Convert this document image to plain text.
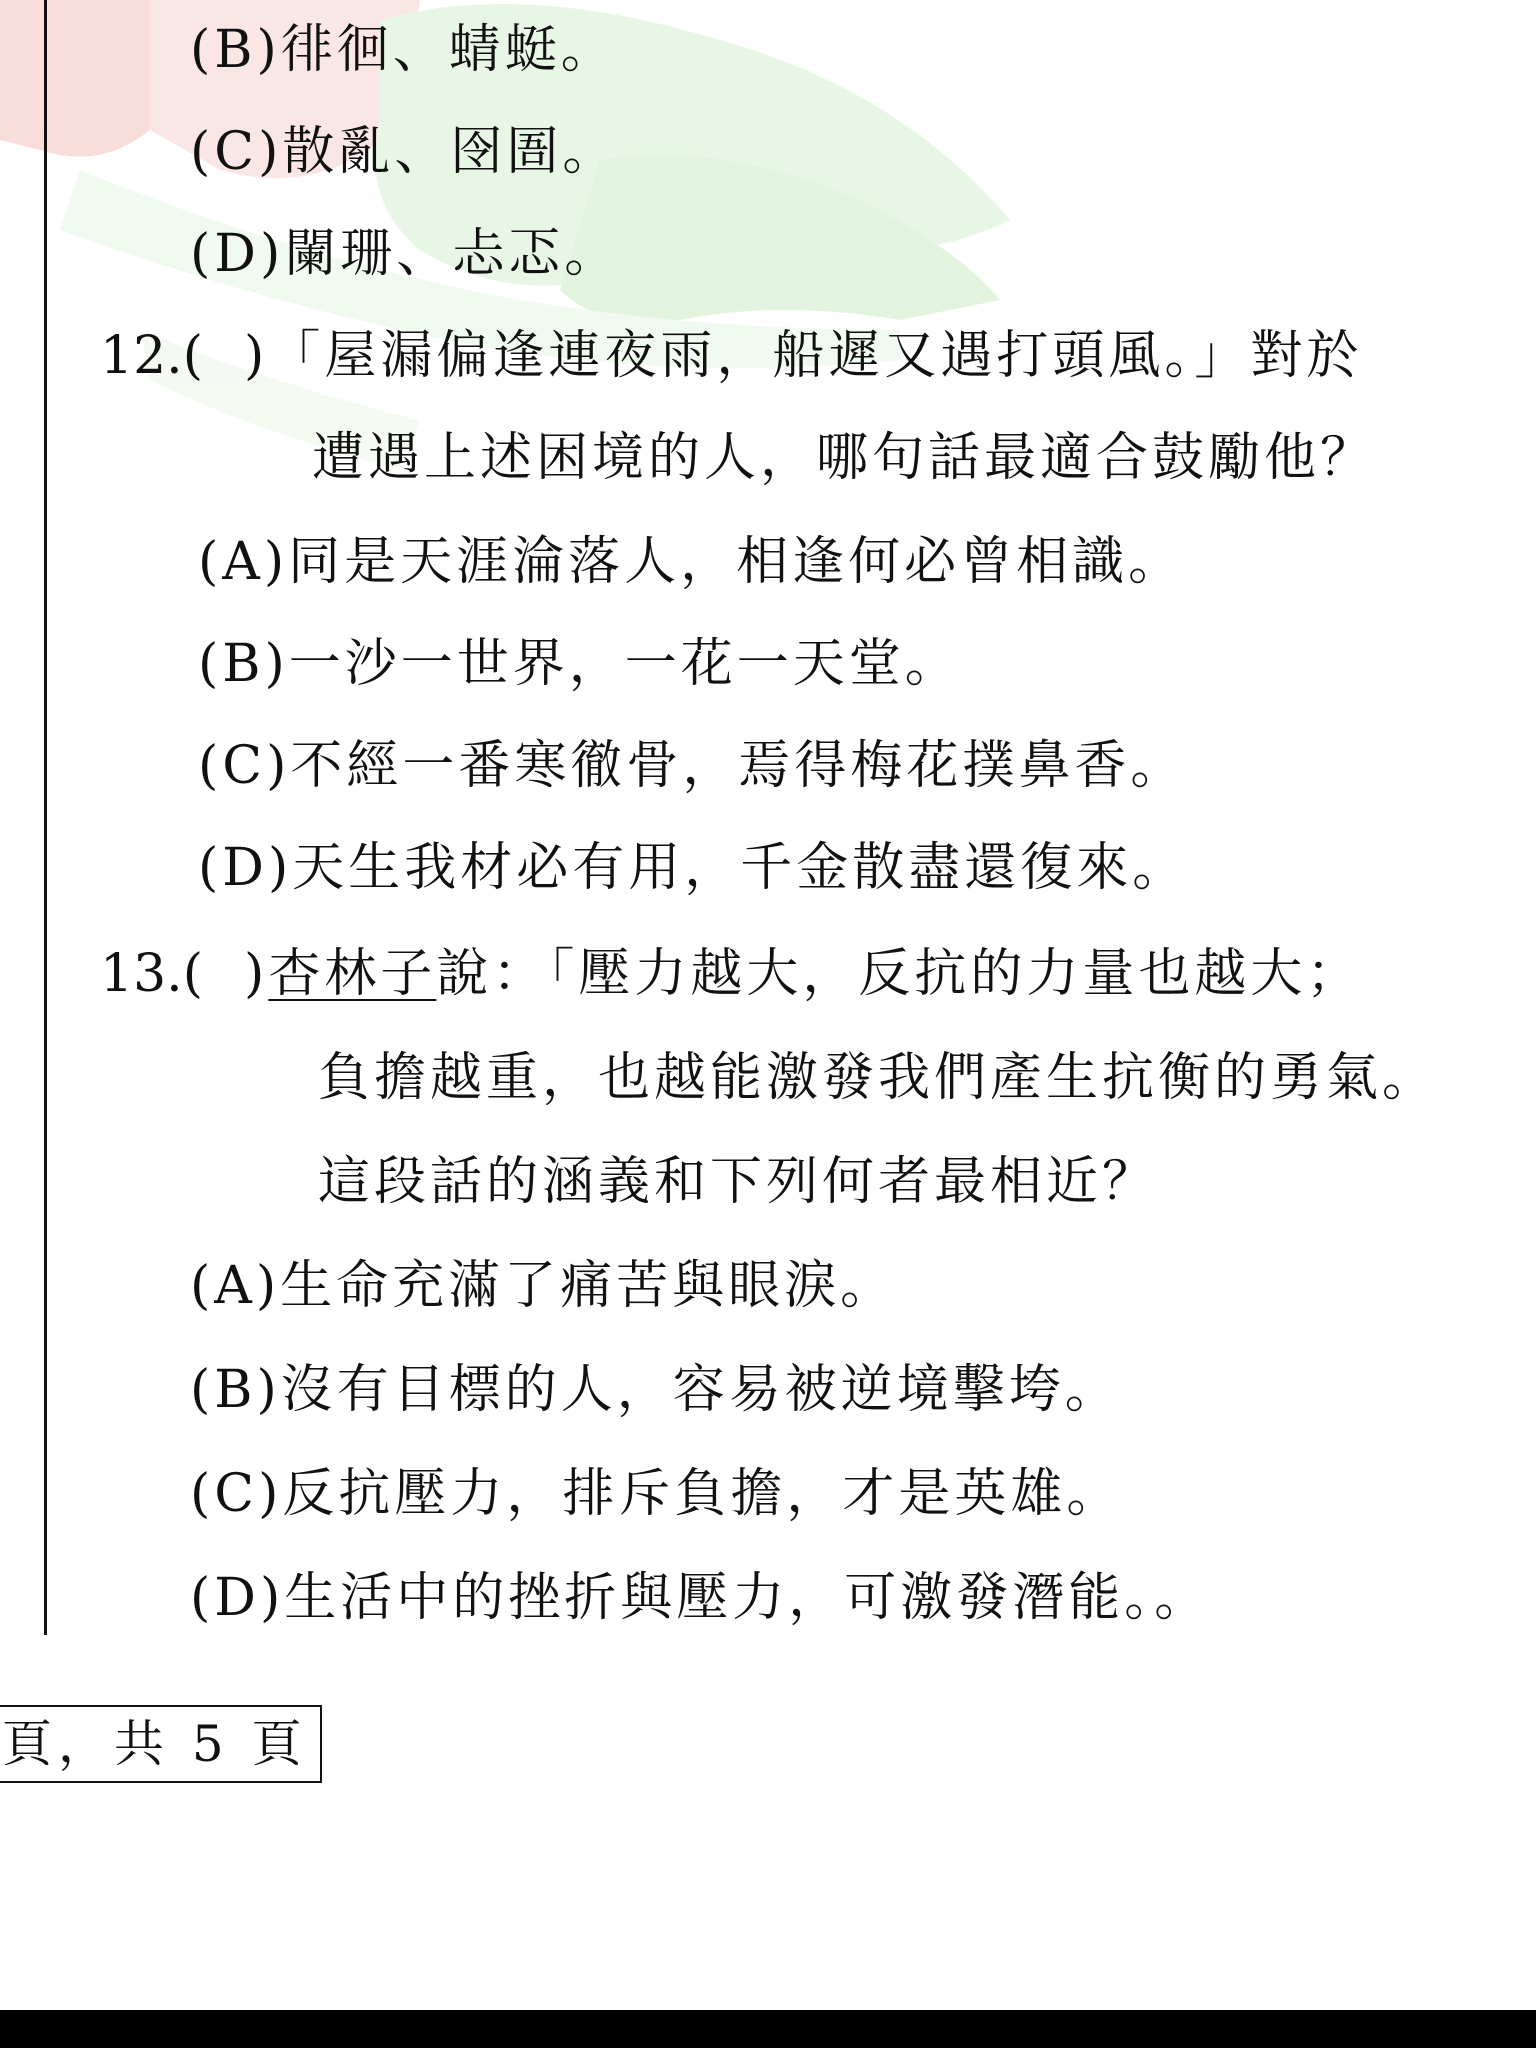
(B)徘徊、蜻蜓。
(C)散亂、囹圄。
(D)闌珊、忐忑。
12.(  )「屋漏偏逢連夜雨，船遲又遇打頭風。」對於
遭遇上述困境的人，哪句話最適合鼓勵他？
(A)同是天涯淪落人，相逢何必曾相識。
(B)一沙一世界，一花一天堂。
(C)不經一番寒徹骨，焉得梅花撲鼻香。
(D)天生我材必有用，千金散盡還復來。
13.(  )杏林子說：「壓力越大，反抗的力量也越大；
負擔越重，也越能激發我們產生抗衡的勇氣。
這段話的涵義和下列何者最相近？
(A)生命充滿了痛苦與眼淚。
(B)沒有目標的人，容易被逆境擊垮。
(C)反抗壓力，排斥負擔，才是英雄。
(D)生活中的挫折與壓力，可激發潛能。。
頁，共 5 頁
